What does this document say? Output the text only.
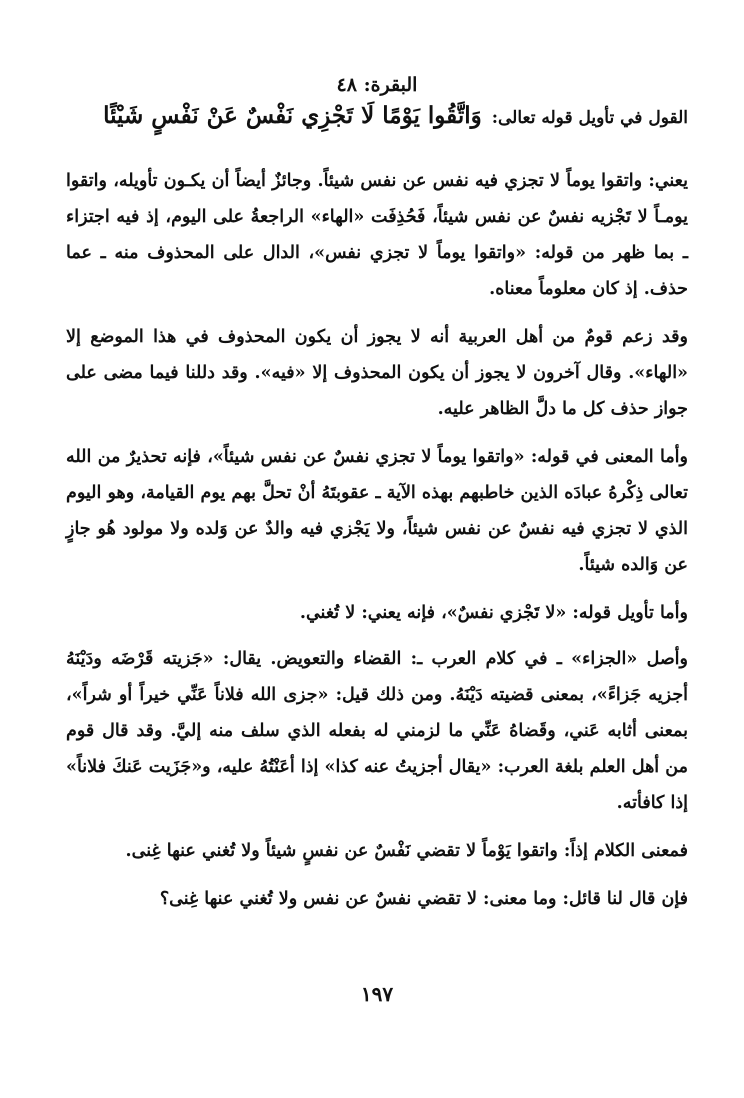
البقرة: ٤٨
القول في تأويل قوله تعالى:
وَاتَّقُوا يَوْمًا لَا تَجْزِي نَفْسٌ عَنْ نَفْسٍ شَيْئًا

يعني: واتقوا يوماً لا تجزي فيه نفس عن نفس شيئاً. وجائزٌ أيضاً أن يكـون تأويله، واتقوا يومـاً لا تَجْزيه نفسٌ عن نفس شيئاً، فَحُذِفَت «الهاء» الراجعةُ على اليوم، إذ فيه اجتزاء ـ بما ظهر من قوله: «واتقوا يوماً لا تجزي نفس»، الدال على المحذوف منه ـ عما حذف. إذ كان معلوماً معناه.

وقد زعم قومٌ من أهل العربية أنه لا يجوز أن يكون المحذوف في هذا الموضع إلا «الهاء». وقال آخرون لا يجوز أن يكون المحذوف إلا «فيه». وقد دللنا فيما مضى على جواز حذف كل ما دلَّ الظاهر عليه.

وأما المعنى في قوله: «واتقوا يوماً لا تجزي نفسٌ عن نفس شيئاً»، فإنه تحذيرٌ من الله تعالى ذِكْرهُ عبادَه الذين خاطبهم بهذه الآية ـ عقوبتَهُ أنْ تحلَّ بهم يوم القيامة، وهو اليوم الذي لا تجزي فيه نفسٌ عن نفس شيئاً، ولا يَجْزي فيه والدٌ عن وَلده ولا مولود هُو جازٍ عن وَالده شيئاً.

وأما تأويل قوله: «لا تَجْزي نفسٌ»، فإنه يعني: لا تُغني.

وأصل «الجزاء» ـ في كلام العرب ـ: القضاء والتعويض. يقال: «جَزيته قَرْضَه ودَيْنَهُ أجزيه جَزاءً»، بمعنى قضيته دَيْنَهُ. ومن ذلك قيل: «جزى الله فلاناً عَنِّي خيراً أو شراً»، بمعنى أثابه عَني، وقَضاهُ عَنِّي ما لزمني له بفعله الذي سلف منه إليَّ. وقد قال قوم من أهل العلم بلغة العرب: «يقال أجزيتُ عنه كذا» إذا أعَنْتُهُ عليه، و«جَزَيت عَنكَ فلاناً» إذا كافأته.

فمعنى الكلام إذاً: واتقوا يَوْماً لا تقضي نَفْسٌ عن نفسٍ شيئاً ولا تُغني عنها غِنى.

فإن قال لنا قائل: وما معنى: لا تقضي نفسٌ عن نفس ولا تُغني عنها غِنى؟

١٩٧
